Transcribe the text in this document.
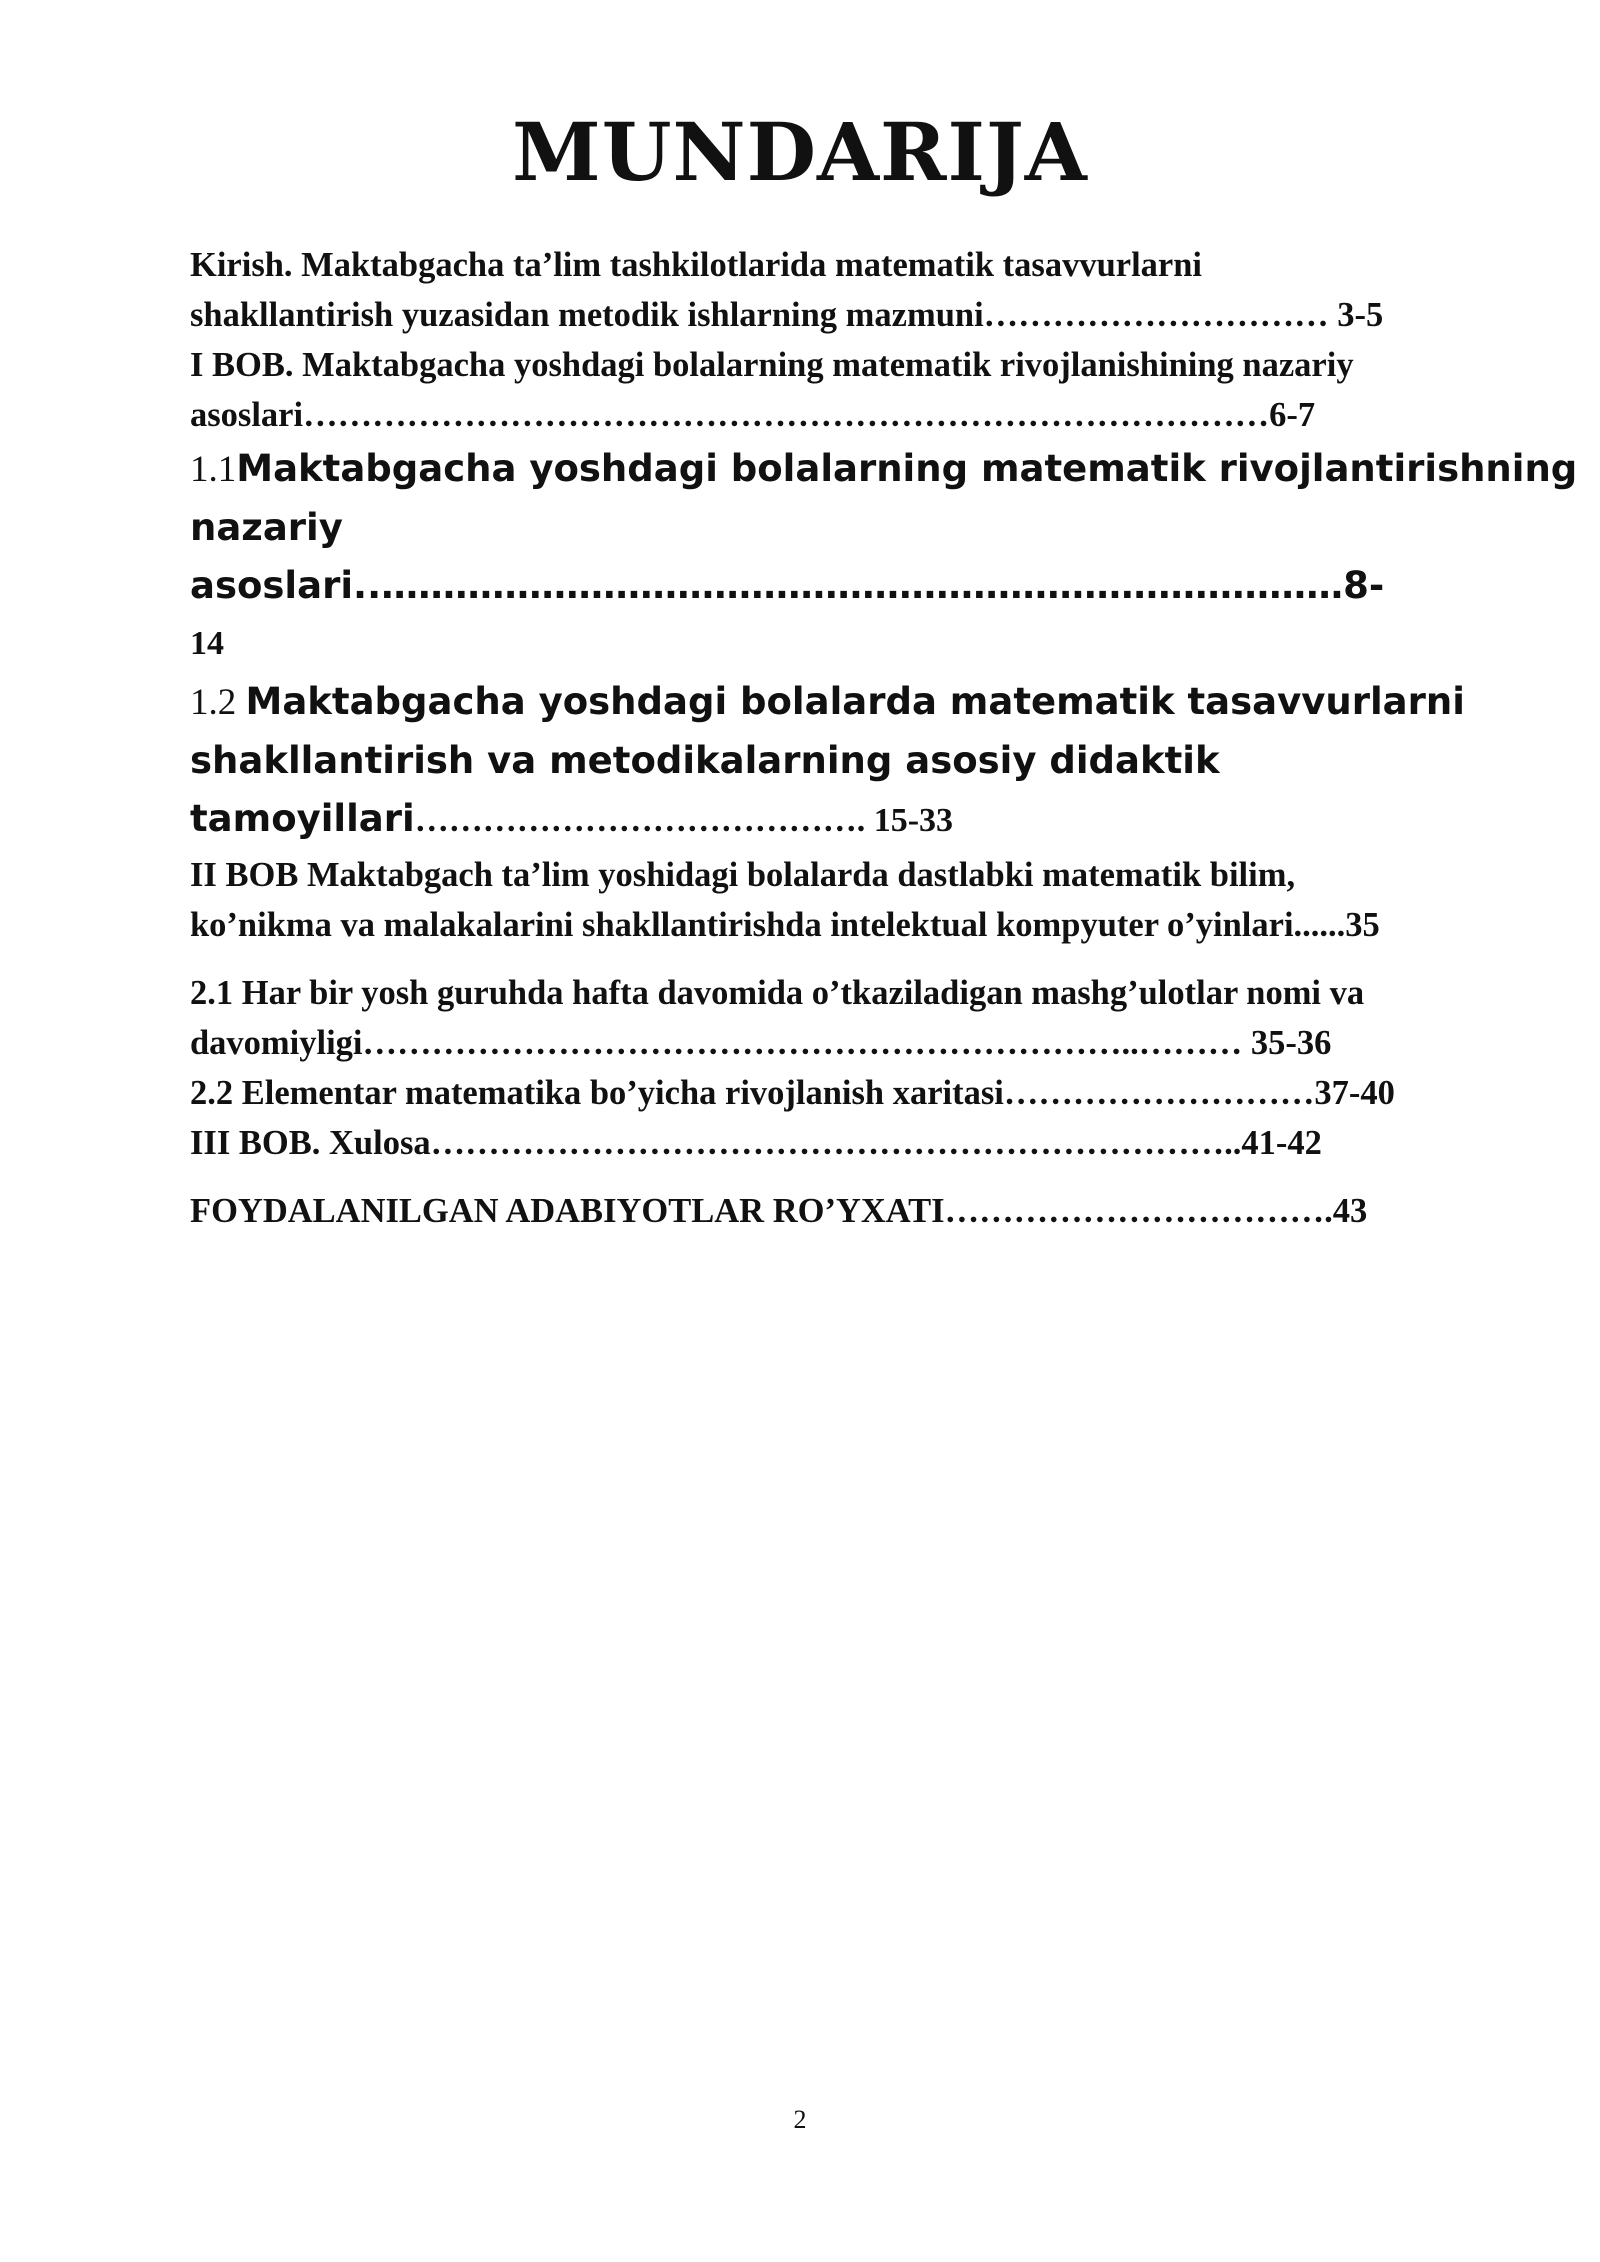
MUNDARIJA
Kirish. Maktabgacha ta’lim tashkilotlarida matematik tasavvurlarni
shakllantirish yuzasidan metodik ishlarning mazmuni………………………… 3-5
I BOB. Maktabgacha yoshdagi bolalarning matematik rivojlanishining nazariy
asoslari…………………………………………………………………………6-7
1.1Maktabgacha yoshdagi bolalarning matematik rivojlantirishning
nazariy
asoslari..……………………………………………………………………8-
14
1.2 Maktabgacha yoshdagi bolalarda matematik tasavvurlarni
shakllantirish va metodikalarning asosiy didaktik
tamoyillari…………………………………. 15-33
II BOB Maktabgach ta’lim yoshidagi bolalarda dastlabki matematik bilim,
ko’nikma va malakalarini shakllantirishda intelektual kompyuter o’yinlari......35
2.1 Har bir yosh guruhda hafta davomida o’tkaziladigan mashg’ulotlar nomi va
davomiyligi…………………………………………………………..……… 35-36
2.2 Elementar matematika bo’yicha rivojlanish xaritasi………………………37-40
III BOB. Xulosa……………………………………………………………..41-42
FOYDALANILGAN ADABIYOTLAR RO’YXATI…………………………….43
2
